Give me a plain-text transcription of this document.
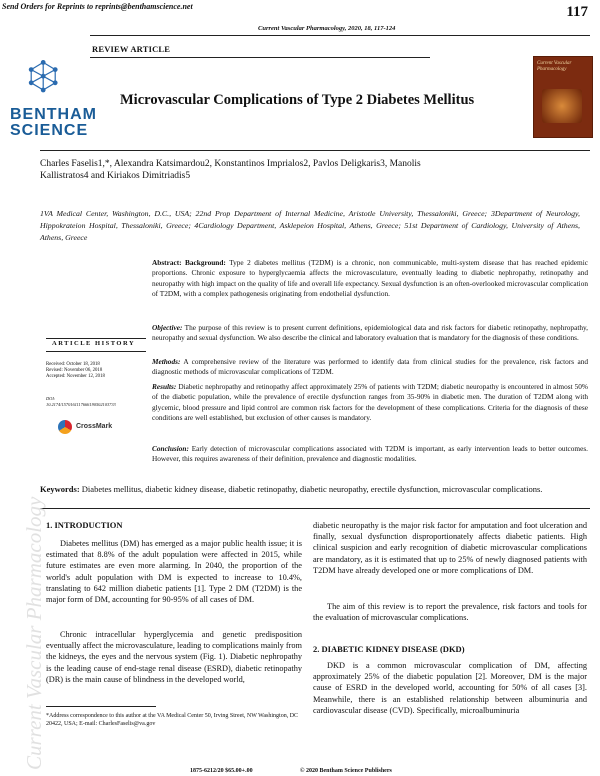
Send Orders for Reprints to reprints@benthamscience.net	117
Current Vascular Pharmacology, 2020, 18, 117-124
REVIEW ARTICLE
BENTHAM
SCIENCE
Microvascular Complications of Type 2 Diabetes Mellitus
Current Vascular Pharmacology
Charles Faselis1,*, Alexandra Katsimardou2, Konstantinos Imprialos2, Pavlos Deligkaris3, Manolis
Kallistratos4 and Kiriakos Dimitriadis5
1VA Medical Center, Washington, D.C., USA; 22nd Prop Department of Internal Medicine, Aristotle University, Thessaloniki, Greece; 3Department of Neurology, Hippokrateion Hospital, Thessaloniki, Greece; 4Cardiology Department, Asklepeion Hospital, Athens, Greece; 51st Department of Cardiology, University of Athens, Athens, Greece
ARTICLE HISTORY
Received: October 18, 2018
Revised: November 06, 2018
Accepted: November 12, 2018
DOI:
10.2174/1570161117666190502103733
CrossMark
Abstract: Background: Type 2 diabetes mellitus (T2DM) is a chronic, non communicable, multi-system disease that has reached epidemic proportions. Chronic exposure to hyperglycaemia affects the microvasculature, eventually leading to diabetic nephropathy, retinopathy and neuropathy with high impact on the quality of life and overall life expectancy. Sexual dysfunction is an often-overlooked microvascular complication of T2DM, with a complex pathogenesis originating from endothelial dysfunction.
Objective: The purpose of this review is to present current definitions, epidemiological data and risk factors for diabetic retinopathy, nephropathy, neuropathy and sexual dysfunction. We also describe the clinical and laboratory evaluation that is mandatory for the diagnosis of these conditions.
Methods: A comprehensive review of the literature was performed to identify data from clinical studies for the prevalence, risk factors and diagnostic methods of microvascular complications of T2DM.
Results: Diabetic nephropathy and retinopathy affect approximately 25% of patients with T2DM; diabetic neuropathy is encountered in almost 50% of the diabetic population, while the prevalence of erectile dysfunction ranges from 35-90% in diabetic men. The duration of T2DM along with glycemic, blood pressure and lipid control are common risk factors for the development of these complications. Criteria for the diagnosis of these conditions are well established, but exclusion of other causes is mandatory.
Conclusion: Early detection of microvascular complications associated with T2DM is important, as early intervention leads to better outcomes. However, this requires awareness of their definition, prevalence and diagnostic modalities.
Keywords: Diabetes mellitus, diabetic kidney disease, diabetic retinopathy, diabetic neuropathy, erectile dysfunction, microvascular complications.
Current Vascular Pharmacology 1. INTRODUCTION
Diabetes mellitus (DM) has emerged as a major public health issue; it is estimated that 8.8% of the adult population were affected in 2015, while future estimates are even more alarming. In 2040, the proportion of the world's adult population with DM is expected to increase to 10.4%, translating to 642 million diabetic patients [1]. Type 2 DM (T2DM) is the major form of DM, accounting for 90-95% of all cases of DM.
Chronic intracellular hyperglycemia and genetic predisposition eventually affect the microvasculature, leading to complications mainly from the kidneys, the eyes and the nervous system (Fig. 1). Diabetic nephropathy is the leading cause of end-stage renal disease (ESRD), diabetic retinopathy (DR) is the main cause of blindness in the developed world,
diabetic neuropathy is the major risk factor for amputation and foot ulceration and finally, sexual dysfunction disproportionately affects diabetic patients. High clinical suspicion and early recognition of diabetic microvascular complications are mandatory, as it is estimated that up to 25% of newly diagnosed patients with T2DM have already developed one or more complications of DM.
The aim of this review is to report the prevalence, risk factors and tools for the evaluation of microvascular complications.
2. DIABETIC KIDNEY DISEASE (DKD)
DKD is a common microvascular complication of DM, affecting approximately 25% of the diabetic population [2]. Moreover, DM is the major cause of ESRD in the developed world, accounting for 50% of all cases [3]. Meanwhile, there is an established relationship between albuminuria and cardiovascular disease (CVD). Specifically, microalbuminuria
*Address correspondence to this author at the VA Medical Center 50, Irving Street, NW Washington, DC 20422, USA; E-mail: CharlesFaselis@va.gov
1875-6212/20 $65.00+.00	© 2020 Bentham Science Publishers
